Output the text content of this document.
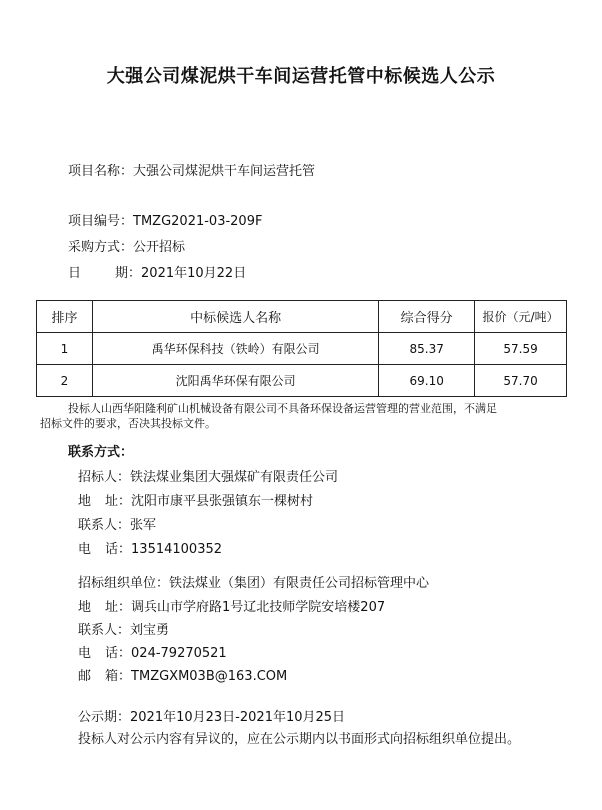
大强公司煤泥烘干车间运营托管中标候选人公示
项目名称：大强公司煤泥烘干车间运营托管
项目编号：TMZG2021-03-209F
采购方式：公开招标
日	期：2021年10月22日
排序	中标候选人名称	综合得分	报价（元/吨）
1	禹华环保科技（铁岭）有限公司	85.37	57.59
2	沈阳禹华环保有限公司	69.10	57.70
投标人山西华阳隆利矿山机械设备有限公司不具备环保设备运营管理的营业范围，不满足
招标文件的要求，否决其投标文件。
联系方式：
招标人：铁法煤业集团大强煤矿有限责任公司
地 址：沈阳市康平县张强镇东一棵树村
联系人：张军
电 话：13514100352
招标组织单位：铁法煤业（集团）有限责任公司招标管理中心
地 址：调兵山市学府路1号辽北技师学院安培楼207
联系人：刘宝勇
电 话：024-79270521
邮 箱：TMZGXM03B@163.COM
公示期：2021年10月23日-2021年10月25日
投标人对公示内容有异议的，应在公示期内以书面形式向招标组织单位提出。
